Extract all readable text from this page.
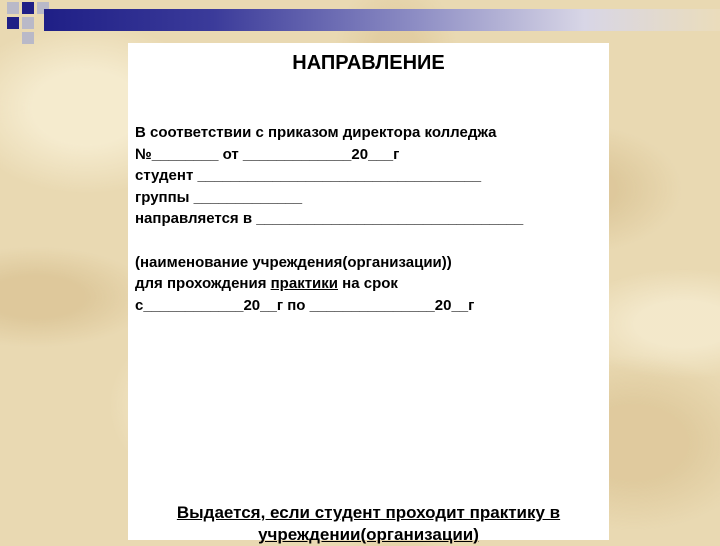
НАПРАВЛЕНИЕ
В соответствии с приказом директора колледжа
№________ от _____________20___г
студент __________________________________
группы _____________
направляется в ________________________________
(наименование учреждения(организации))
для прохождения практики на срок
с____________20__г по _______________20__г
Выдается, если студент проходит практику в учреждении(организации)
